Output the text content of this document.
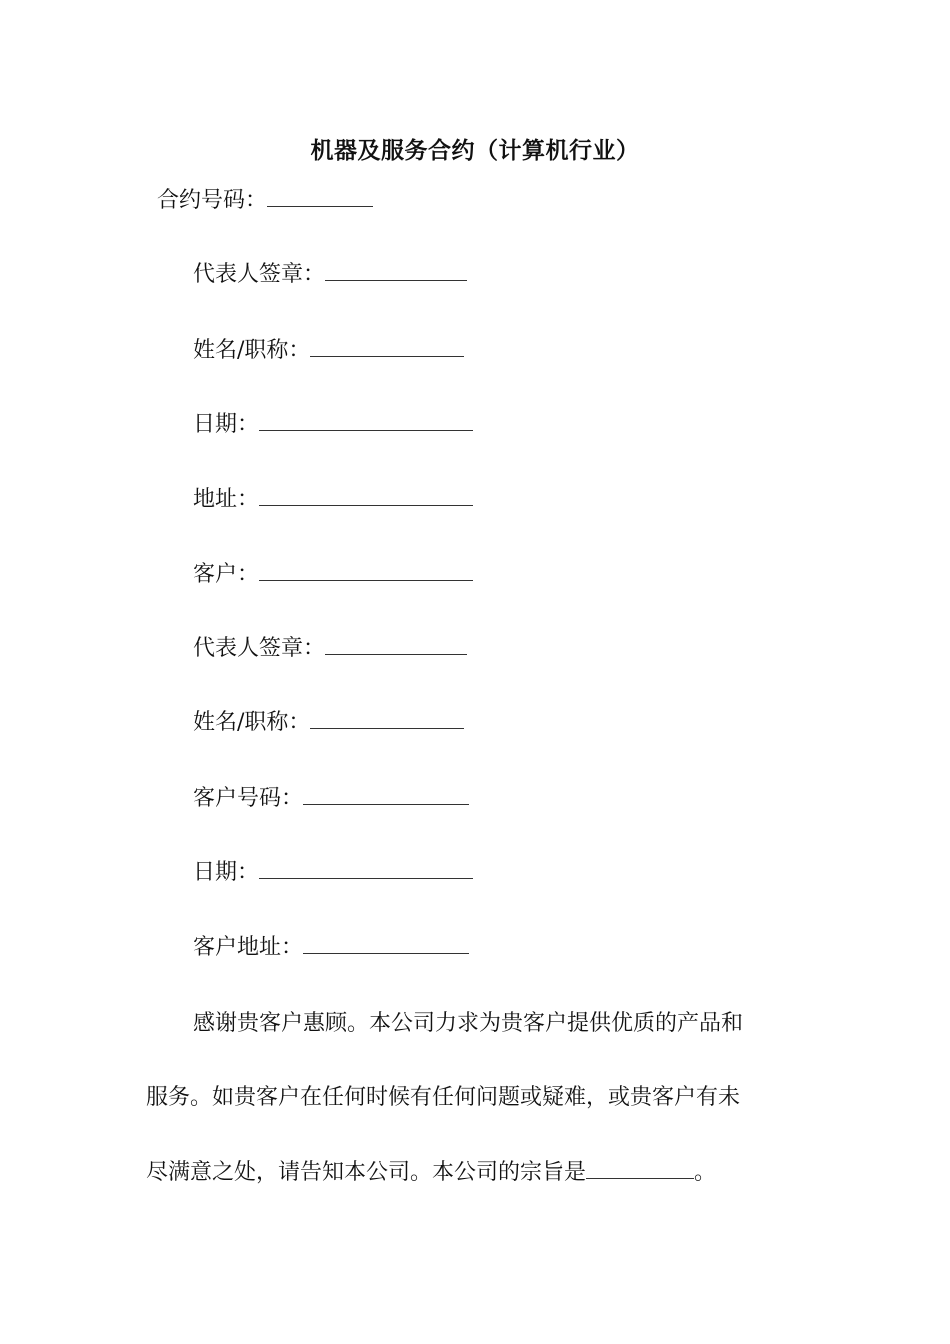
机器及服务合约（计算机行业）
合约号码：
代表人签章：
姓名/职称：
日期：
地址：
客户：
代表人签章：
姓名/职称：
客户号码：
日期：
客户地址：
感谢贵客户惠顾。本公司力求为贵客户提供优质的产品和
服务。如贵客户在任何时候有任何问题或疑难，或贵客户有未
尽满意之处，请告知本公司。本公司的宗旨是	。
